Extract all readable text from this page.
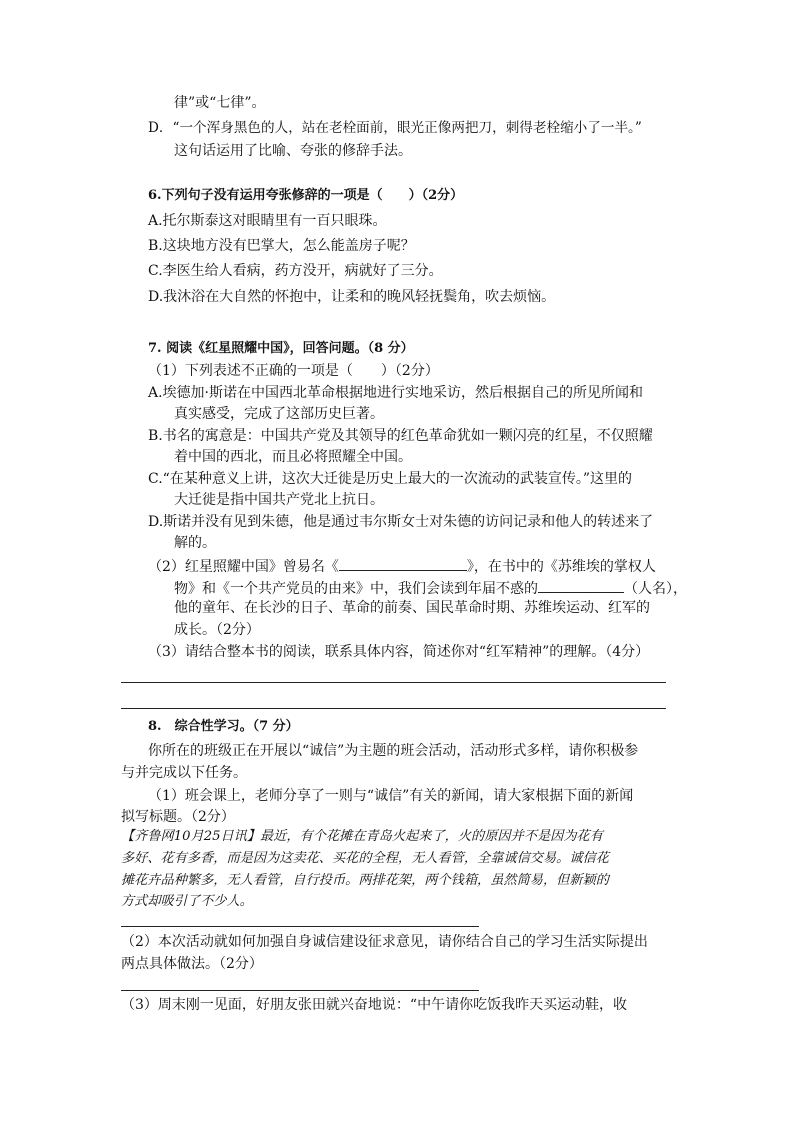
律”或“七律”。
D．“一个浑身黑色的人，站在老栓面前，眼光正像两把刀，刺得老栓缩小了一半。”
这句话运用了比喻、夸张的修辞手法。
6.下列句子没有运用夸张修辞的一项是（　　）（2分）
A.托尔斯泰这对眼睛里有一百只眼珠。
B.这块地方没有巴掌大，怎么能盖房子呢？
C.李医生给人看病，药方没开，病就好了三分。
D.我沐浴在大自然的怀抱中，让柔和的晚风轻抚鬓角，吹去烦恼。
7. 阅读《红星照耀中国》，回答问题。（8 分）
（1）下列表述不正确的一项是（　　）（2分）
A.埃德加·斯诺在中国西北革命根据地进行实地采访，然后根据自己的所见所闻和
真实感受，完成了这部历史巨著。
B.书名的寓意是：中国共产党及其领导的红色革命犹如一颗闪亮的红星，不仅照耀
着中国的西北，而且必将照耀全中国。
C.“在某种意义上讲，这次大迁徙是历史上最大的一次流动的武装宣传。”这里的
大迁徙是指中国共产党北上抗日。
D.斯诺并没有见到朱德，他是通过韦尔斯女士对朱德的访问记录和他人的转述来了
解的。
（2）红星照耀中国》曾易名《	》，在书中的《苏维埃的掌权人
物》和《一个共产党员的由来》中，我们会读到年届不惑的	（人名），
他的童年、在长沙的日子、革命的前奏、国民革命时期、苏维埃运动、红军的
成长。（2分）
（3）请结合整本书的阅读，联系具体内容，简述你对“红军精神”的理解。（4分）
8.　综合性学习。（7 分）
你所在的班级正在开展以“诚信”为主题的班会活动，活动形式多样，请你积极参
与并完成以下任务。
（1）班会课上，老师分享了一则与“诚信”有关的新闻，请大家根据下面的新闻
拟写标题。（2分）
【齐鲁网10月25日讯】最近，有个花摊在青岛火起来了，火的原因并不是因为花有
多好、花有多香，而是因为这卖花、买花的全程，无人看管，全靠诚信交易。诚信花
摊花卉品种繁多，无人看管，自行投币。两排花架，两个钱箱，虽然简易，但新颖的
方式却吸引了不少人。
（2）本次活动就如何加强自身诚信建设征求意见，请你结合自己的学习生活实际提出
两点具体做法。（2分）
（3）周末刚一见面，好朋友张田就兴奋地说：“中午请你吃饭我昨天买运动鞋，收
